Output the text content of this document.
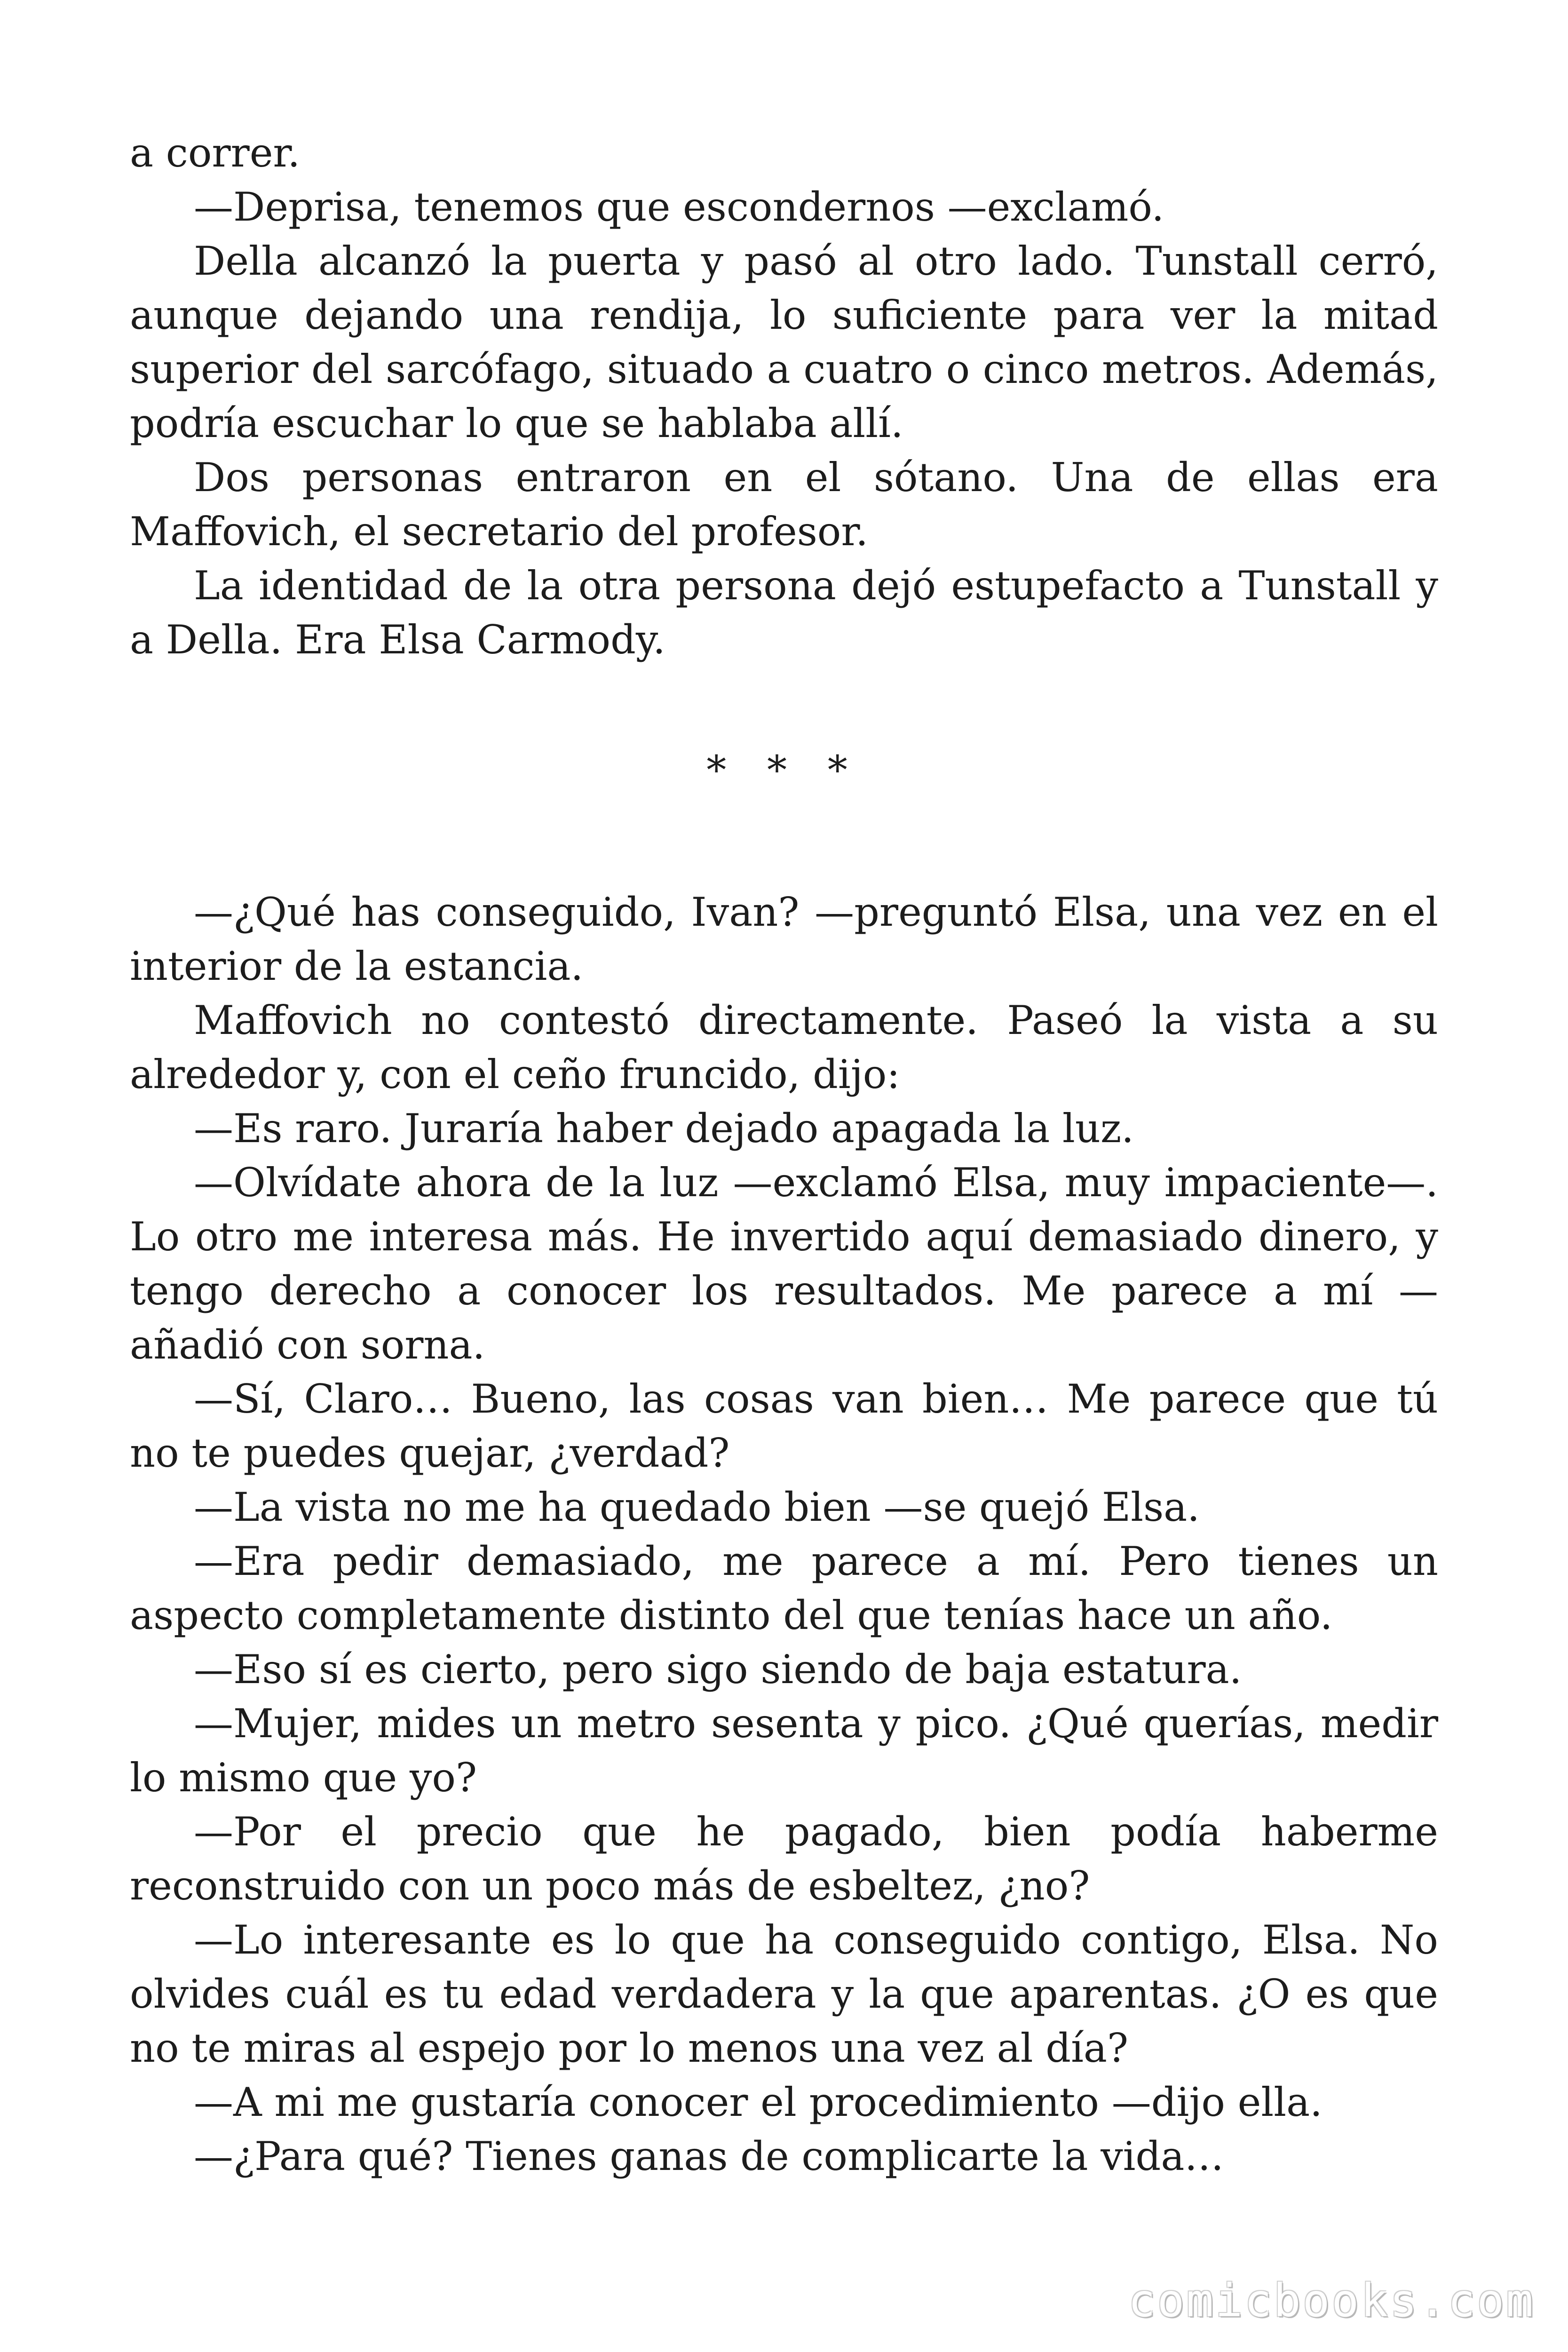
a correr.

—Deprisa, tenemos que escondernos —exclamó.

Della alcanzó la puerta y pasó al otro lado. Tunstall cerró, aunque dejando una rendija, lo suficiente para ver la mitad superior del sarcófago, situado a cuatro o cinco metros. Además, podría escuchar lo que se hablaba allí.

Dos personas entraron en el sótano. Una de ellas era Maffovich, el secretario del profesor.

La identidad de la otra persona dejó estupefacto a Tunstall y a Della. Era Elsa Carmody.

* * *

—¿Qué has conseguido, Ivan? —preguntó Elsa, una vez en el interior de la estancia.

Maffovich no contestó directamente. Paseó la vista a su alrededor y, con el ceño fruncido, dijo:

—Es raro. Juraría haber dejado apagada la luz.

—Olvídate ahora de la luz —exclamó Elsa, muy impaciente—. Lo otro me interesa más. He invertido aquí demasiado dinero, y tengo derecho a conocer los resultados. Me parece a mí —añadió con sorna.

—Sí, Claro… Bueno, las cosas van bien… Me parece que tú no te puedes quejar, ¿verdad?

—La vista no me ha quedado bien —se quejó Elsa.

—Era pedir demasiado, me parece a mí. Pero tienes un aspecto completamente distinto del que tenías hace un año.

—Eso sí es cierto, pero sigo siendo de baja estatura.

—Mujer, mides un metro sesenta y pico. ¿Qué querías, medir lo mismo que yo?

—Por el precio que he pagado, bien podía haberme reconstruido con un poco más de esbeltez, ¿no?

—Lo interesante es lo que ha conseguido contigo, Elsa. No olvides cuál es tu edad verdadera y la que aparentas. ¿O es que no te miras al espejo por lo menos una vez al día?

—A mi me gustaría conocer el procedimiento —dijo ella.

—¿Para qué? Tienes ganas de complicarte la vida…

comicbooks.com
